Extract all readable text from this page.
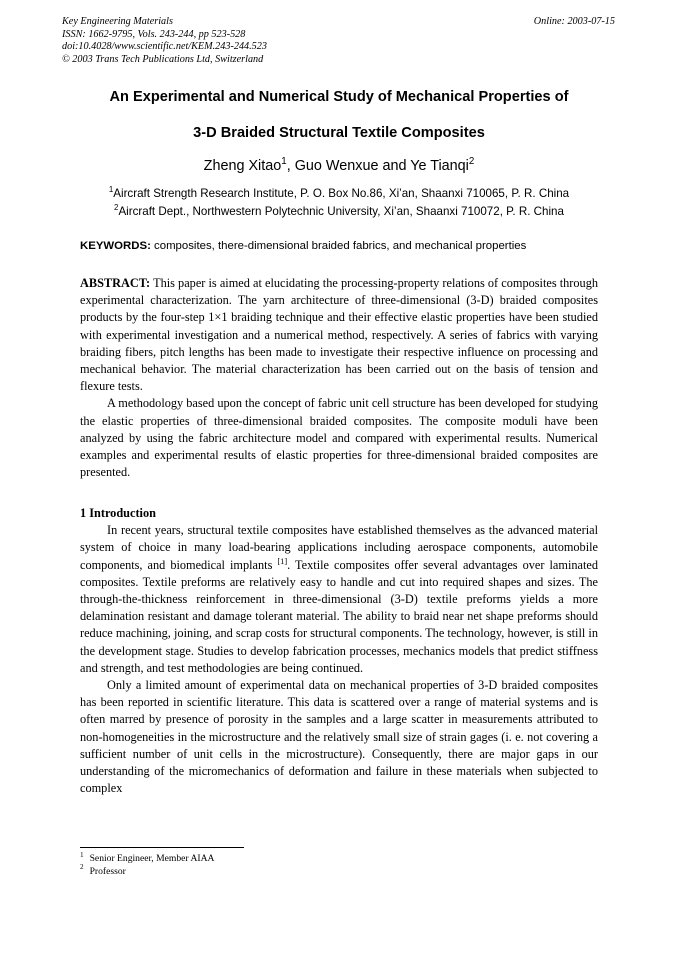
Key Engineering Materials
ISSN: 1662-9795, Vols. 243-244, pp 523-528
doi:10.4028/www.scientific.net/KEM.243-244.523
© 2003 Trans Tech Publications Ltd, Switzerland
Online: 2003-07-15
An Experimental and Numerical Study of Mechanical Properties of
3-D Braided Structural Textile Composites
Zheng Xitao$^1$, Guo Wenxue and Ye Tianqi$^2$
$^1$Aircraft Strength Research Institute, P. O. Box No.86, Xi’an, Shaanxi 710065, P. R. China
$^2$Aircraft Dept., Northwestern Polytechnic University, Xi’an, Shaanxi 710072, P. R. China
KEYWORDS: composites, there-dimensional braided fabrics, and mechanical properties

ABSTRACT: This paper is aimed at elucidating the processing-property relations of composites through experimental characterization. The yarn architecture of three-dimensional (3-D) braided composites products by the four-step 1×1 braiding technique and their effective elastic properties have been studied with experimental investigation and a numerical method, respectively. A series of fabrics with varying braiding fibers, pitch lengths has been made to investigate their respective influence on processing and mechanical behavior. The material characterization has been carried out on the basis of tension and flexure tests.

A methodology based upon the concept of fabric unit cell structure has been developed for studying the elastic properties of three-dimensional braided composites. The composite moduli have been analyzed by using the fabric architecture model and compared with experimental results. Numerical examples and experimental results of elastic properties for three-dimensional braided composites are presented.

1 Introduction

In recent years, structural textile composites have established themselves as the advanced material system of choice in many load-bearing applications including aerospace components, automobile components, and biomedical implants [1]. Textile composites offer several advantages over laminated composites. Textile preforms are relatively easy to handle and cut into required shapes and sizes. The through-the-thickness reinforcement in three-dimensional (3-D) textile preforms yields a more delamination resistant and damage tolerant material. The ability to braid near net shape preforms should reduce machining, joining, and scrap costs for structural components. The technology, however, is still in the development stage. Studies to develop fabrication processes, mechanics models that predict stiffness and strength, and test methodologies are being continued.

Only a limited amount of experimental data on mechanical properties of 3-D braided composites has been reported in scientific literature. This data is scattered over a range of material systems and is often marred by presence of porosity in the samples and a large scatter in measurements attributed to non-homogeneities in the microstructure and the relatively small size of strain gages (i. e. not covering a sufficient number of unit cells in the microstructure). Consequently, there are major gaps in our understanding of the micromechanics of deformation and failure in these materials when subjected to complex

$^1$ Senior Engineer, Member AIAA
$^2$ Professor
